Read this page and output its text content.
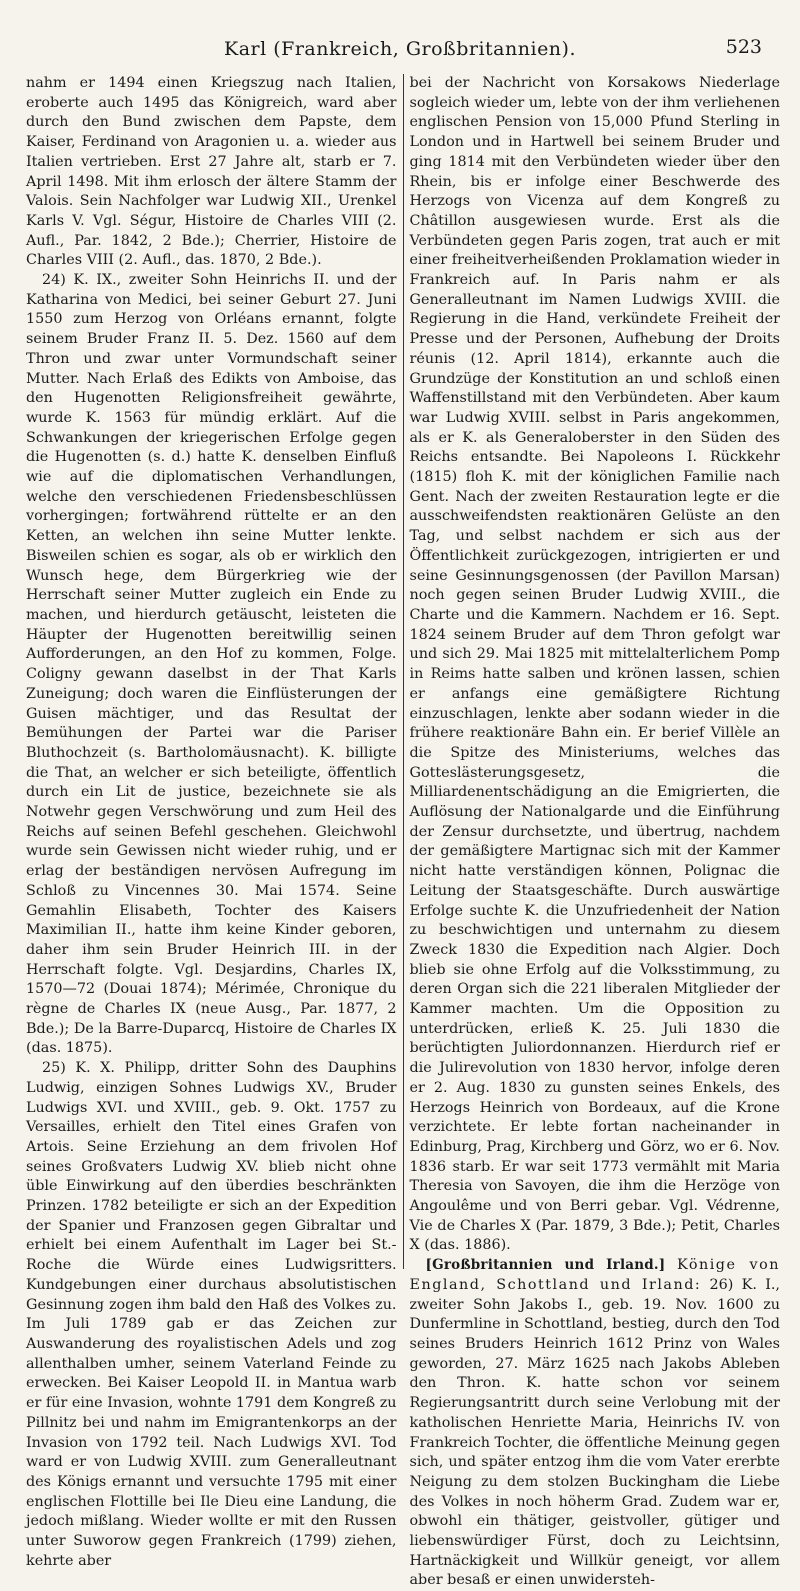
Karl (Frankreich, Großbritannien).	523

nahm er 1494 einen Kriegszug nach Italien, eroberte auch 1495 das Königreich, ward aber durch den Bund zwischen dem Papste, dem Kaiser, Ferdinand von Aragonien u. a. wieder aus Italien vertrieben. Erst 27 Jahre alt, starb er 7. April 1498. Mit ihm erlosch der ältere Stamm der Valois. Sein Nachfolger war Ludwig XII., Urenkel Karls V. Vgl. Ségur, Histoire de Charles VIII (2. Aufl., Par. 1842, 2 Bde.); Cherrier, Histoire de Charles VIII (2. Aufl., das. 1870, 2 Bde.).

24) K. IX., zweiter Sohn Heinrichs II. und der Katharina von Medici, bei seiner Geburt 27. Juni 1550 zum Herzog von Orléans ernannt, folgte seinem Bruder Franz II. 5. Dez. 1560 auf dem Thron und zwar unter Vormundschaft seiner Mutter. Nach Erlaß des Edikts von Amboise, das den Hugenotten Religionsfreiheit gewährte, wurde K. 1563 für mündig erklärt. Auf die Schwankungen der kriegerischen Erfolge gegen die Hugenotten (s. d.) hatte K. denselben Einfluß wie auf die diplomatischen Verhandlungen, welche den verschiedenen Friedensbeschlüssen vorhergingen; fortwährend rüttelte er an den Ketten, an welchen ihn seine Mutter lenkte. Bisweilen schien es sogar, als ob er wirklich den Wunsch hege, dem Bürgerkrieg wie der Herrschaft seiner Mutter zugleich ein Ende zu machen, und hierdurch getäuscht, leisteten die Häupter der Hugenotten bereitwillig seinen Aufforderungen, an den Hof zu kommen, Folge. Coligny gewann daselbst in der That Karls Zuneigung; doch waren die Einflüsterungen der Guisen mächtiger, und das Resultat der Bemühungen der Partei war die Pariser Bluthochzeit (s. Bartholomäusnacht). K. billigte die That, an welcher er sich beteiligte, öffentlich durch ein Lit de justice, bezeichnete sie als Notwehr gegen Verschwörung und zum Heil des Reichs auf seinen Befehl geschehen. Gleichwohl wurde sein Gewissen nicht wieder ruhig, und er erlag der beständigen nervösen Aufregung im Schloß zu Vincennes 30. Mai 1574. Seine Gemahlin Elisabeth, Tochter des Kaisers Maximilian II., hatte ihm keine Kinder geboren, daher ihm sein Bruder Heinrich III. in der Herrschaft folgte. Vgl. Desjardins, Charles IX, 1570—72 (Douai 1874); Mérimée, Chronique du règne de Charles IX (neue Ausg., Par. 1877, 2 Bde.); De la Barre-Duparcq, Histoire de Charles IX (das. 1875).

25) K. X. Philipp, dritter Sohn des Dauphins Ludwig, einzigen Sohnes Ludwigs XV., Bruder Ludwigs XVI. und XVIII., geb. 9. Okt. 1757 zu Versailles, erhielt den Titel eines Grafen von Artois. Seine Erziehung an dem frivolen Hof seines Großvaters Ludwig XV. blieb nicht ohne üble Einwirkung auf den überdies beschränkten Prinzen. 1782 beteiligte er sich an der Expedition der Spanier und Franzosen gegen Gibraltar und erhielt bei einem Aufenthalt im Lager bei St.-Roche die Würde eines Ludwigsritters. Kundgebungen einer durchaus absolutistischen Gesinnung zogen ihm bald den Haß des Volkes zu. Im Juli 1789 gab er das Zeichen zur Auswanderung des royalistischen Adels und zog allenthalben umher, seinem Vaterland Feinde zu erwecken. Bei Kaiser Leopold II. in Mantua warb er für eine Invasion, wohnte 1791 dem Kongreß zu Pillnitz bei und nahm im Emigrantenkorps an der Invasion von 1792 teil. Nach Ludwigs XVI. Tod ward er von Ludwig XVIII. zum Generalleutnant des Königs ernannt und versuchte 1795 mit einer englischen Flottille bei Ile Dieu eine Landung, die jedoch mißlang. Wieder wollte er mit den Russen unter Suworow gegen Frankreich (1799) ziehen, kehrte aber

bei der Nachricht von Korsakows Niederlage sogleich wieder um, lebte von der ihm verliehenen englischen Pension von 15,000 Pfund Sterling in London und in Hartwell bei seinem Bruder und ging 1814 mit den Verbündeten wieder über den Rhein, bis er infolge einer Beschwerde des Herzogs von Vicenza auf dem Kongreß zu Châtillon ausgewiesen wurde. Erst als die Verbündeten gegen Paris zogen, trat auch er mit einer freiheitverheißenden Proklamation wieder in Frankreich auf. In Paris nahm er als Generalleutnant im Namen Ludwigs XVIII. die Regierung in die Hand, verkündete Freiheit der Presse und der Personen, Aufhebung der Droits réunis (12. April 1814), erkannte auch die Grundzüge der Konstitution an und schloß einen Waffenstillstand mit den Verbündeten. Aber kaum war Ludwig XVIII. selbst in Paris angekommen, als er K. als Generaloberster in den Süden des Reichs entsandte. Bei Napoleons I. Rückkehr (1815) floh K. mit der königlichen Familie nach Gent. Nach der zweiten Restauration legte er die ausschweifendsten reaktionären Gelüste an den Tag, und selbst nachdem er sich aus der Öffentlichkeit zurückgezogen, intrigierten er und seine Gesinnungsgenossen (der Pavillon Marsan) noch gegen seinen Bruder Ludwig XVIII., die Charte und die Kammern. Nachdem er 16. Sept. 1824 seinem Bruder auf dem Thron gefolgt war und sich 29. Mai 1825 mit mittelalterlichem Pomp in Reims hatte salben und krönen lassen, schien er anfangs eine gemäßigtere Richtung einzuschlagen, lenkte aber sodann wieder in die frühere reaktionäre Bahn ein. Er berief Villèle an die Spitze des Ministeriums, welches das Gotteslästerungsgesetz, die Milliardenentschädigung an die Emigrierten, die Auflösung der Nationalgarde und die Einführung der Zensur durchsetzte, und übertrug, nachdem der gemäßigtere Martignac sich mit der Kammer nicht hatte verständigen können, Polignac die Leitung der Staatsgeschäfte. Durch auswärtige Erfolge suchte K. die Unzufriedenheit der Nation zu beschwichtigen und unternahm zu diesem Zweck 1830 die Expedition nach Algier. Doch blieb sie ohne Erfolg auf die Volksstimmung, zu deren Organ sich die 221 liberalen Mitglieder der Kammer machten. Um die Opposition zu unterdrücken, erließ K. 25. Juli 1830 die berüchtigten Juliordonnanzen. Hierdurch rief er die Julirevolution von 1830 hervor, infolge deren er 2. Aug. 1830 zu gunsten seines Enkels, des Herzogs Heinrich von Bordeaux, auf die Krone verzichtete. Er lebte fortan nacheinander in Edinburg, Prag, Kirchberg und Görz, wo er 6. Nov. 1836 starb. Er war seit 1773 vermählt mit Maria Theresia von Savoyen, die ihm die Herzöge von Angoulême und von Berri gebar. Vgl. Védrenne, Vie de Charles X (Par. 1879, 3 Bde.); Petit, Charles X (das. 1886).

[Großbritannien und Irland.] Könige von England, Schottland und Irland: 26) K. I., zweiter Sohn Jakobs I., geb. 19. Nov. 1600 zu Dunfermline in Schottland, bestieg, durch den Tod seines Bruders Heinrich 1612 Prinz von Wales geworden, 27. März 1625 nach Jakobs Ableben den Thron. K. hatte schon vor seinem Regierungsantritt durch seine Verlobung mit der katholischen Henriette Maria, Heinrichs IV. von Frankreich Tochter, die öffentliche Meinung gegen sich, und später entzog ihm die vom Vater ererbte Neigung zu dem stolzen Buckingham die Liebe des Volkes in noch höherm Grad. Zudem war er, obwohl ein thätiger, geistvoller, gütiger und liebenswürdiger Fürst, doch zu Leichtsinn, Hartnäckigkeit und Willkür geneigt, vor allem aber besaß er einen unwidersteh-
